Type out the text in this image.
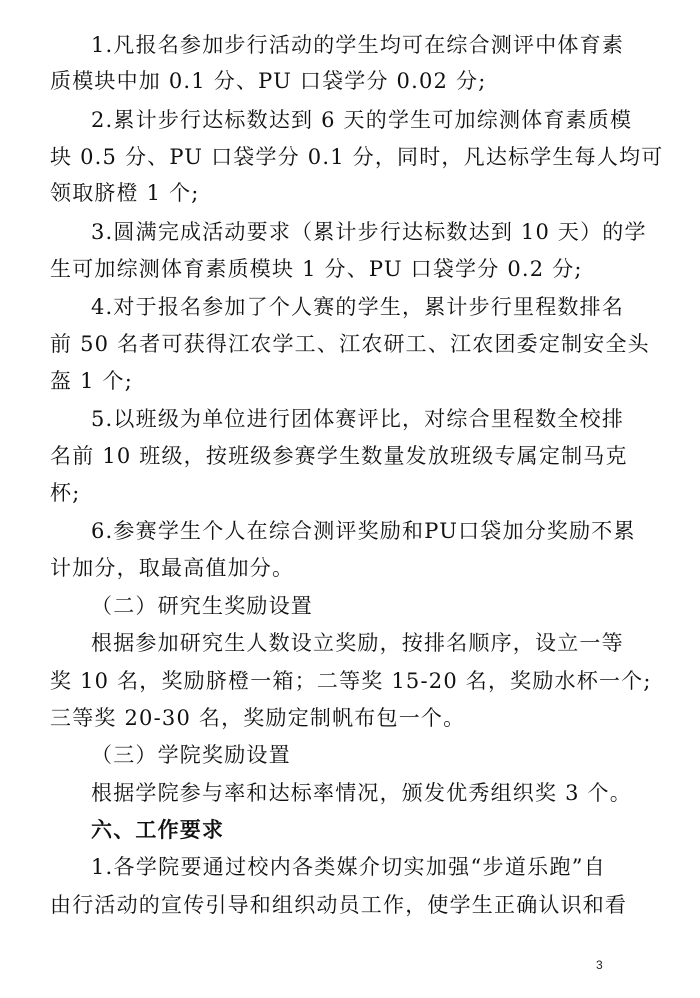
1.凡报名参加步行活动的学生均可在综合测评中体育素
质模块中加 0.1 分、PU 口袋学分 0.02 分;
2.累计步行达标数达到 6 天的学生可加综测体育素质模
块 0.5 分、PU 口袋学分 0.1 分，同时，凡达标学生每人均可
领取脐橙 1 个;
3.圆满完成活动要求（累计步行达标数达到 10 天）的学
生可加综测体育素质模块 1 分、PU 口袋学分 0.2 分;
4.对于报名参加了个人赛的学生，累计步行里程数排名
前 50 名者可获得江农学工、江农研工、江农团委定制安全头
盔 1 个;
5.以班级为单位进行团体赛评比，对综合里程数全校排
名前 10 班级，按班级参赛学生数量发放班级专属定制马克
杯;
6.参赛学生个人在综合测评奖励和PU口袋加分奖励不累
计加分，取最高值加分。
（二）研究生奖励设置
根据参加研究生人数设立奖励，按排名顺序，设立一等
奖 10 名，奖励脐橙一箱；二等奖 15-20 名，奖励水杯一个;
三等奖 20-30 名，奖励定制帆布包一个。
（三）学院奖励设置
根据学院参与率和达标率情况，颁发优秀组织奖 3 个。
六、工作要求
1.各学院要通过校内各类媒介切实加强“步道乐跑”自
由行活动的宣传引导和组织动员工作，使学生正确认识和看
3
